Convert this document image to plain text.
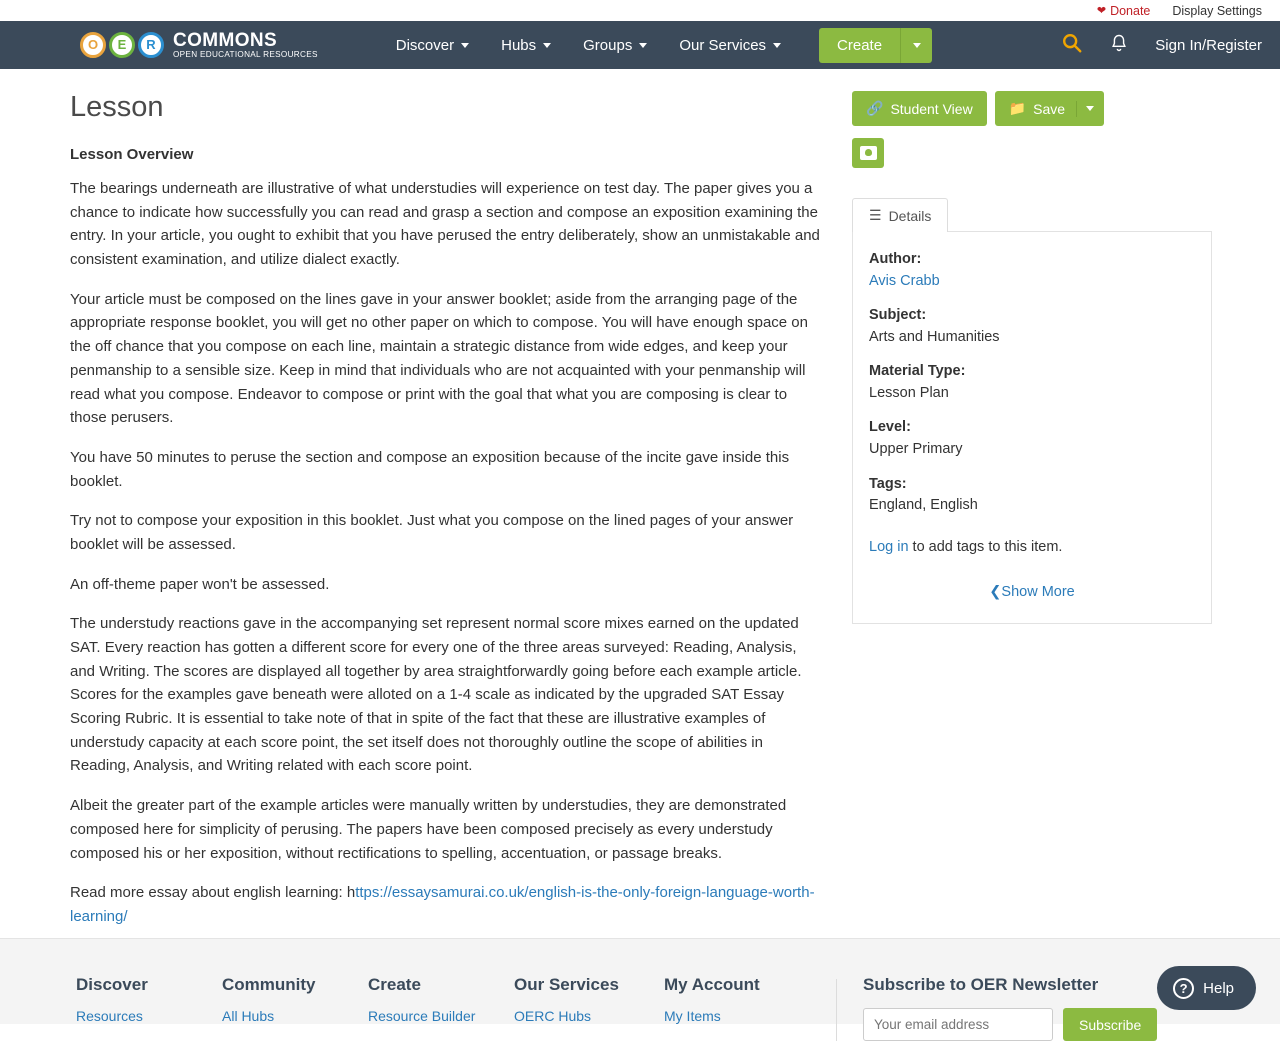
❤ Donate Display Settings
O	E	R COMMONS
OPEN EDUCATIONAL RESOURCES
Discover	Hubs	Groups	Our Services	Create	Sign In/Register
Lesson
Lesson Overview

The bearings underneath are illustrative of what understudies will experience on test day. The paper gives you a chance to indicate how successfully you can read and grasp a section and compose an exposition examining the entry. In your article, you ought to exhibit that you have perused the entry deliberately, show an unmistakable and consistent examination, and utilize dialect exactly.

Your article must be composed on the lines gave in your answer booklet; aside from the arranging page of the appropriate response booklet, you will get no other paper on which to compose. You will have enough space on the off chance that you compose on each line, maintain a strategic distance from wide edges, and keep your penmanship to a sensible size. Keep in mind that individuals who are not acquainted with your penmanship will read what you compose. Endeavor to compose or print with the goal that what you are composing is clear to those perusers.

You have 50 minutes to peruse the section and compose an exposition because of the incite gave inside this booklet.

Try not to compose your exposition in this booklet. Just what you compose on the lined pages of your answer booklet will be assessed.

An off-theme paper won't be assessed.

The understudy reactions gave in the accompanying set represent normal score mixes earned on the updated SAT. Every reaction has gotten a different score for every one of the three areas surveyed: Reading, Analysis, and Writing. The scores are displayed all together by area straightforwardly going before each example article. Scores for the examples gave beneath were alloted on a 1-4 scale as indicated by the upgraded SAT Essay Scoring Rubric. It is essential to take note of that in spite of the fact that these are illustrative examples of understudy capacity at each score point, the set itself does not thoroughly outline the scope of abilities in Reading, Analysis, and Writing related with each score point.

Albeit the greater part of the example articles were manually written by understudies, they are demonstrated composed here for simplicity of perusing. The papers have been composed precisely as every understudy composed his or her exposition, without rectifications to spelling, accentuation, or passage breaks.

Read more essay about english learning: https://essaysamurai.co.uk/english-is-the-only-foreign-language-worth-learning/

🔗 Student View	📁 Save
☰ Details
Author:
Avis Crabb
Subject:
Arts and Humanities
Material Type:
Lesson Plan
Level:
Upper Primary
Tags:
England, English
Log in to add tags to this item.
❮Show More
Discover
Resources
Community
All Hubs
Create
Resource Builder
Our Services
OERC Hubs
My Account
My Items
Subscribe to OER Newsletter
Your email address
Subscribe
?	Help
